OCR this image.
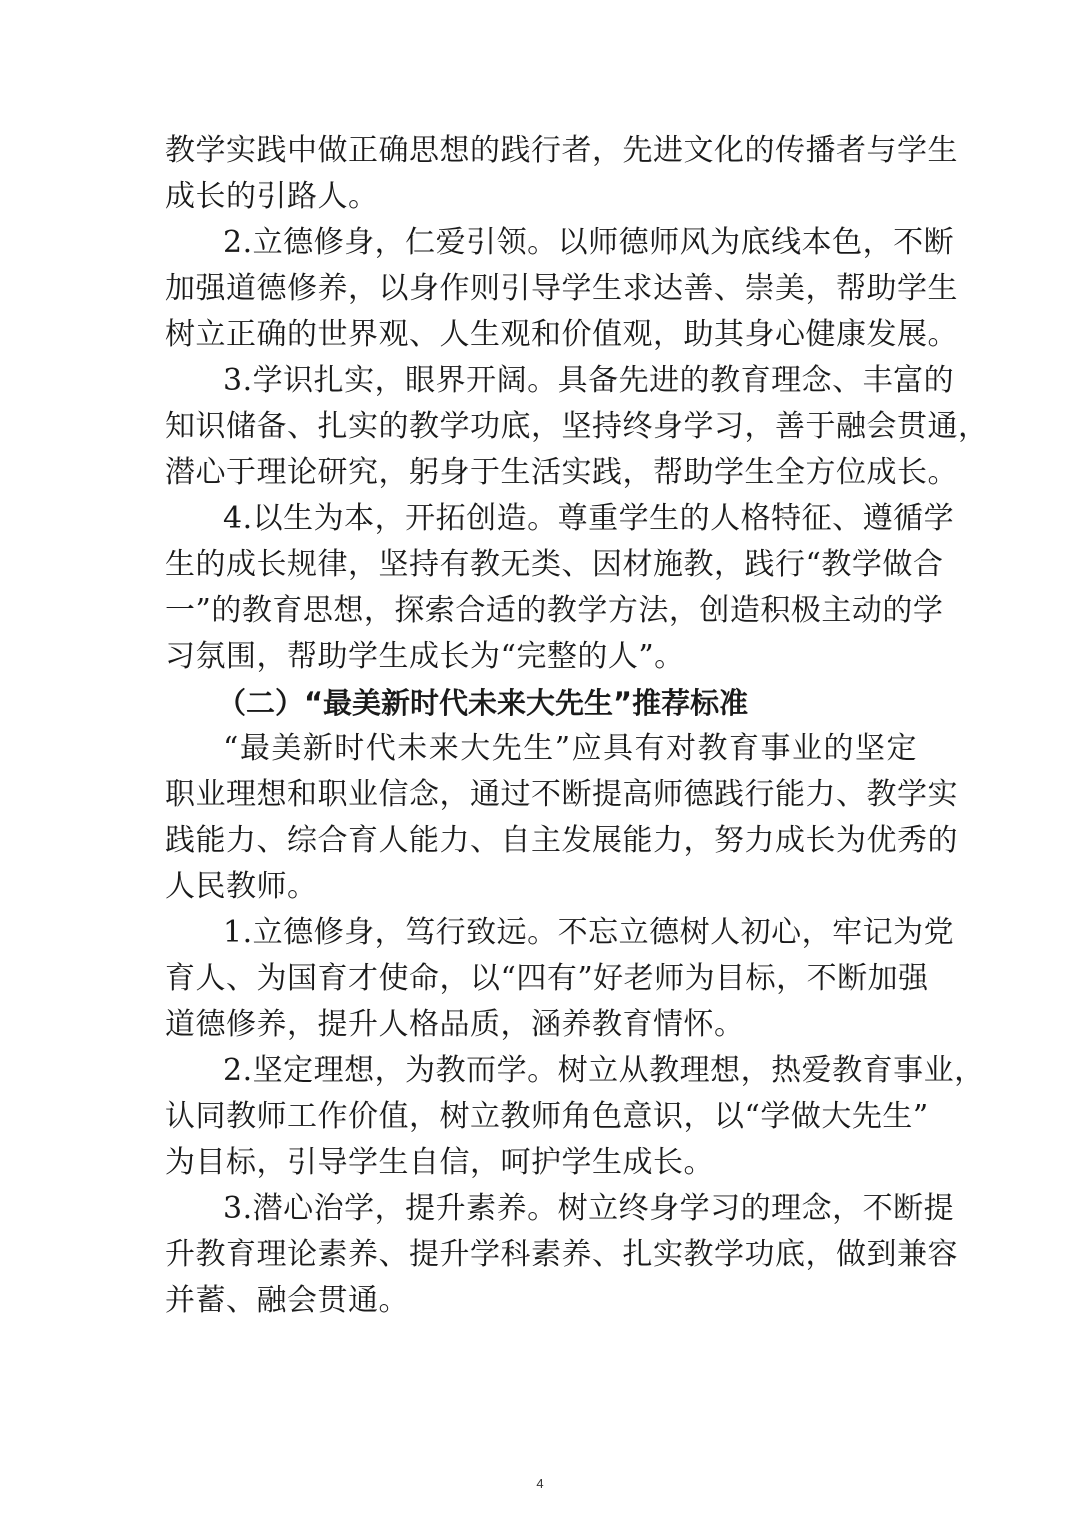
教学实践中做正确思想的践行者，先进文化的传播者与学生
成长的引路人。
2.立德修身，仁爱引领。以师德师风为底线本色，不断
加强道德修养，以身作则引导学生求达善、崇美，帮助学生
树立正确的世界观、人生观和价值观，助其身心健康发展。
3.学识扎实，眼界开阔。具备先进的教育理念、丰富的
知识储备、扎实的教学功底，坚持终身学习，善于融会贯通，
潜心于理论研究，躬身于生活实践，帮助学生全方位成长。
4.以生为本，开拓创造。尊重学生的人格特征、遵循学
生的成长规律，坚持有教无类、因材施教，践行“教学做合
一”的教育思想，探索合适的教学方法，创造积极主动的学
习氛围，帮助学生成长为“完整的人”。
（二）“最美新时代未来大先生”推荐标准
“最美新时代未来大先生”应具有对教育事业的坚定
职业理想和职业信念，通过不断提高师德践行能力、教学实
践能力、综合育人能力、自主发展能力，努力成长为优秀的
人民教师。
1.立德修身，笃行致远。不忘立德树人初心，牢记为党
育人、为国育才使命，以“四有”好老师为目标，不断加强
道德修养，提升人格品质，涵养教育情怀。
2.坚定理想，为教而学。树立从教理想，热爱教育事业，
认同教师工作价值，树立教师角色意识，以“学做大先生”
为目标，引导学生自信，呵护学生成长。
3.潜心治学，提升素养。树立终身学习的理念，不断提
升教育理论素养、提升学科素养、扎实教学功底，做到兼容
并蓄、融会贯通。
4
